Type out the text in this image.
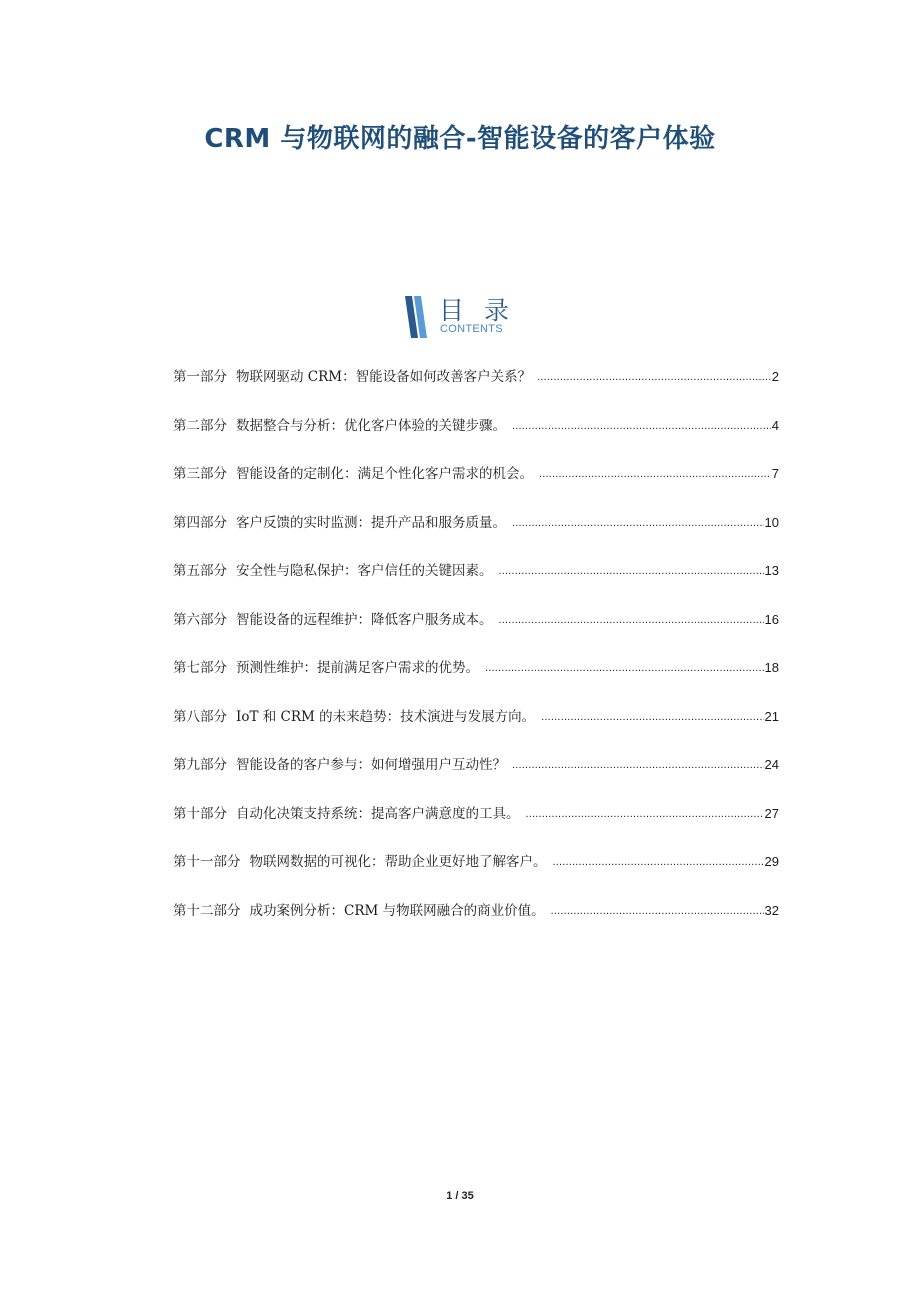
CRM 与物联网的融合-智能设备的客户体验
目 录
CONTENTS
第一部分 物联网驱动 CRM：智能设备如何改善客户关系？ .....	2
第二部分 数据整合与分析：优化客户体验的关键步骤。 .....	4
第三部分 智能设备的定制化：满足个性化客户需求的机会。 .....	7
第四部分 客户反馈的实时监测：提升产品和服务质量。 .....	10
第五部分 安全性与隐私保护：客户信任的关键因素。 .....	13
第六部分 智能设备的远程维护：降低客户服务成本。 .....	16
第七部分 预测性维护：提前满足客户需求的优势。 .....	18
第八部分 IoT 和 CRM 的未来趋势：技术演进与发展方向。 .....	21
第九部分 智能设备的客户参与：如何增强用户互动性？ .....	24
第十部分 自动化决策支持系统：提高客户满意度的工具。 .....	27
第十一部分 物联网数据的可视化：帮助企业更好地了解客户。 .....	29
第十二部分 成功案例分析：CRM 与物联网融合的商业价值。 .....	32
1 / 35
